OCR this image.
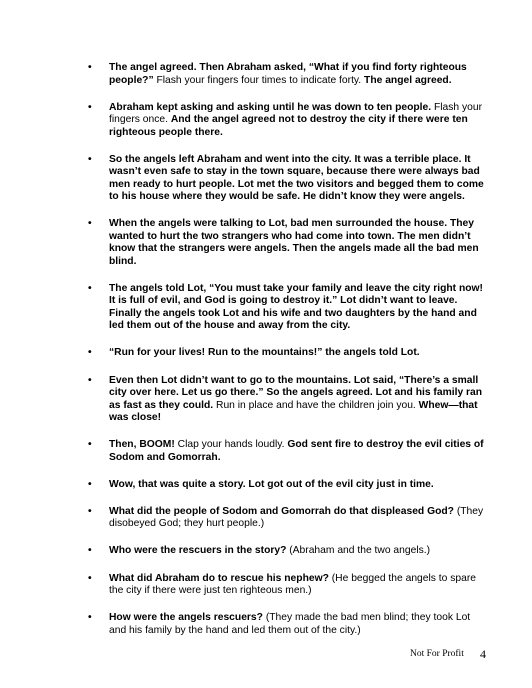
• The angel agreed. Then Abraham asked, “What if you find forty righteous people?” Flash your fingers four times to indicate forty. The angel agreed.
• Abraham kept asking and asking until he was down to ten people. Flash your fingers once. And the angel agreed not to destroy the city if there were ten righteous people there.
• So the angels left Abraham and went into the city. It was a terrible place. It wasn’t even safe to stay in the town square, because there were always bad men ready to hurt people. Lot met the two visitors and begged them to come to his house where they would be safe. He didn’t know they were angels.
• When the angels were talking to Lot, bad men surrounded the house. They wanted to hurt the two strangers who had come into town. The men didn’t know that the strangers were angels. Then the angels made all the bad men blind.
• The angels told Lot, “You must take your family and leave the city right now! It is full of evil, and God is going to destroy it.” Lot didn’t want to leave. Finally the angels took Lot and his wife and two daughters by the hand and led them out of the house and away from the city.
• “Run for your lives! Run to the mountains!” the angels told Lot.
• Even then Lot didn’t want to go to the mountains. Lot said, “There’s a small city over here. Let us go there.” So the angels agreed. Lot and his family ran as fast as they could. Run in place and have the children join you. Whew—that was close!
• Then, BOOM! Clap your hands loudly. God sent fire to destroy the evil cities of Sodom and Gomorrah.
• Wow, that was quite a story. Lot got out of the evil city just in time.
• What did the people of Sodom and Gomorrah do that displeased God? (They disobeyed God; they hurt people.)
• Who were the rescuers in the story? (Abraham and the two angels.)
• What did Abraham do to rescue his nephew? (He begged the angels to spare the city if there were just ten righteous men.)
• How were the angels rescuers? (They made the bad men blind; they took Lot and his family by the hand and led them out of the city.)
Not For Profit 4
